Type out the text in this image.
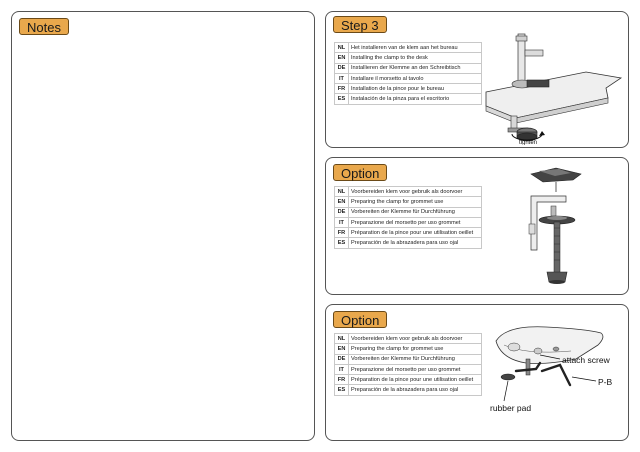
Notes	Step 3
NL	Het installeren van de klem aan het bureau
EN	Installing the clamp to the desk
DE	Installieren der Klemme an den Schreibtisch
IT	Installare il morsetto al tavolo
FR	Installation de la pince pour le bureau
ES	Instalación de la pinza para el escritorio
tighten
Option
NL	Voorbereiden klem voor gebruik als doorvoer
EN	Preparing the clamp for grommet use
DE	Vorbereiten der Klemme für Durchführung
IT	Preparazione del morsetto per uso grommet
FR	Préparation de la pince pour une utilisation oeillet
ES	Preparación de la abrazadera para uso ojal
Option
NL	Voorbereiden klem voor gebruik als doorvoer
EN	Preparing the clamp for grommet use
DE	Vorbereiten der Klemme für Durchführung
IT	Preparazione del morsetto per uso grommet
FR	Préparation de la pince pour une utilisation oeillet
ES	Preparación de la abrazadera para uso ojal
attach screw
P-B
rubber pad
